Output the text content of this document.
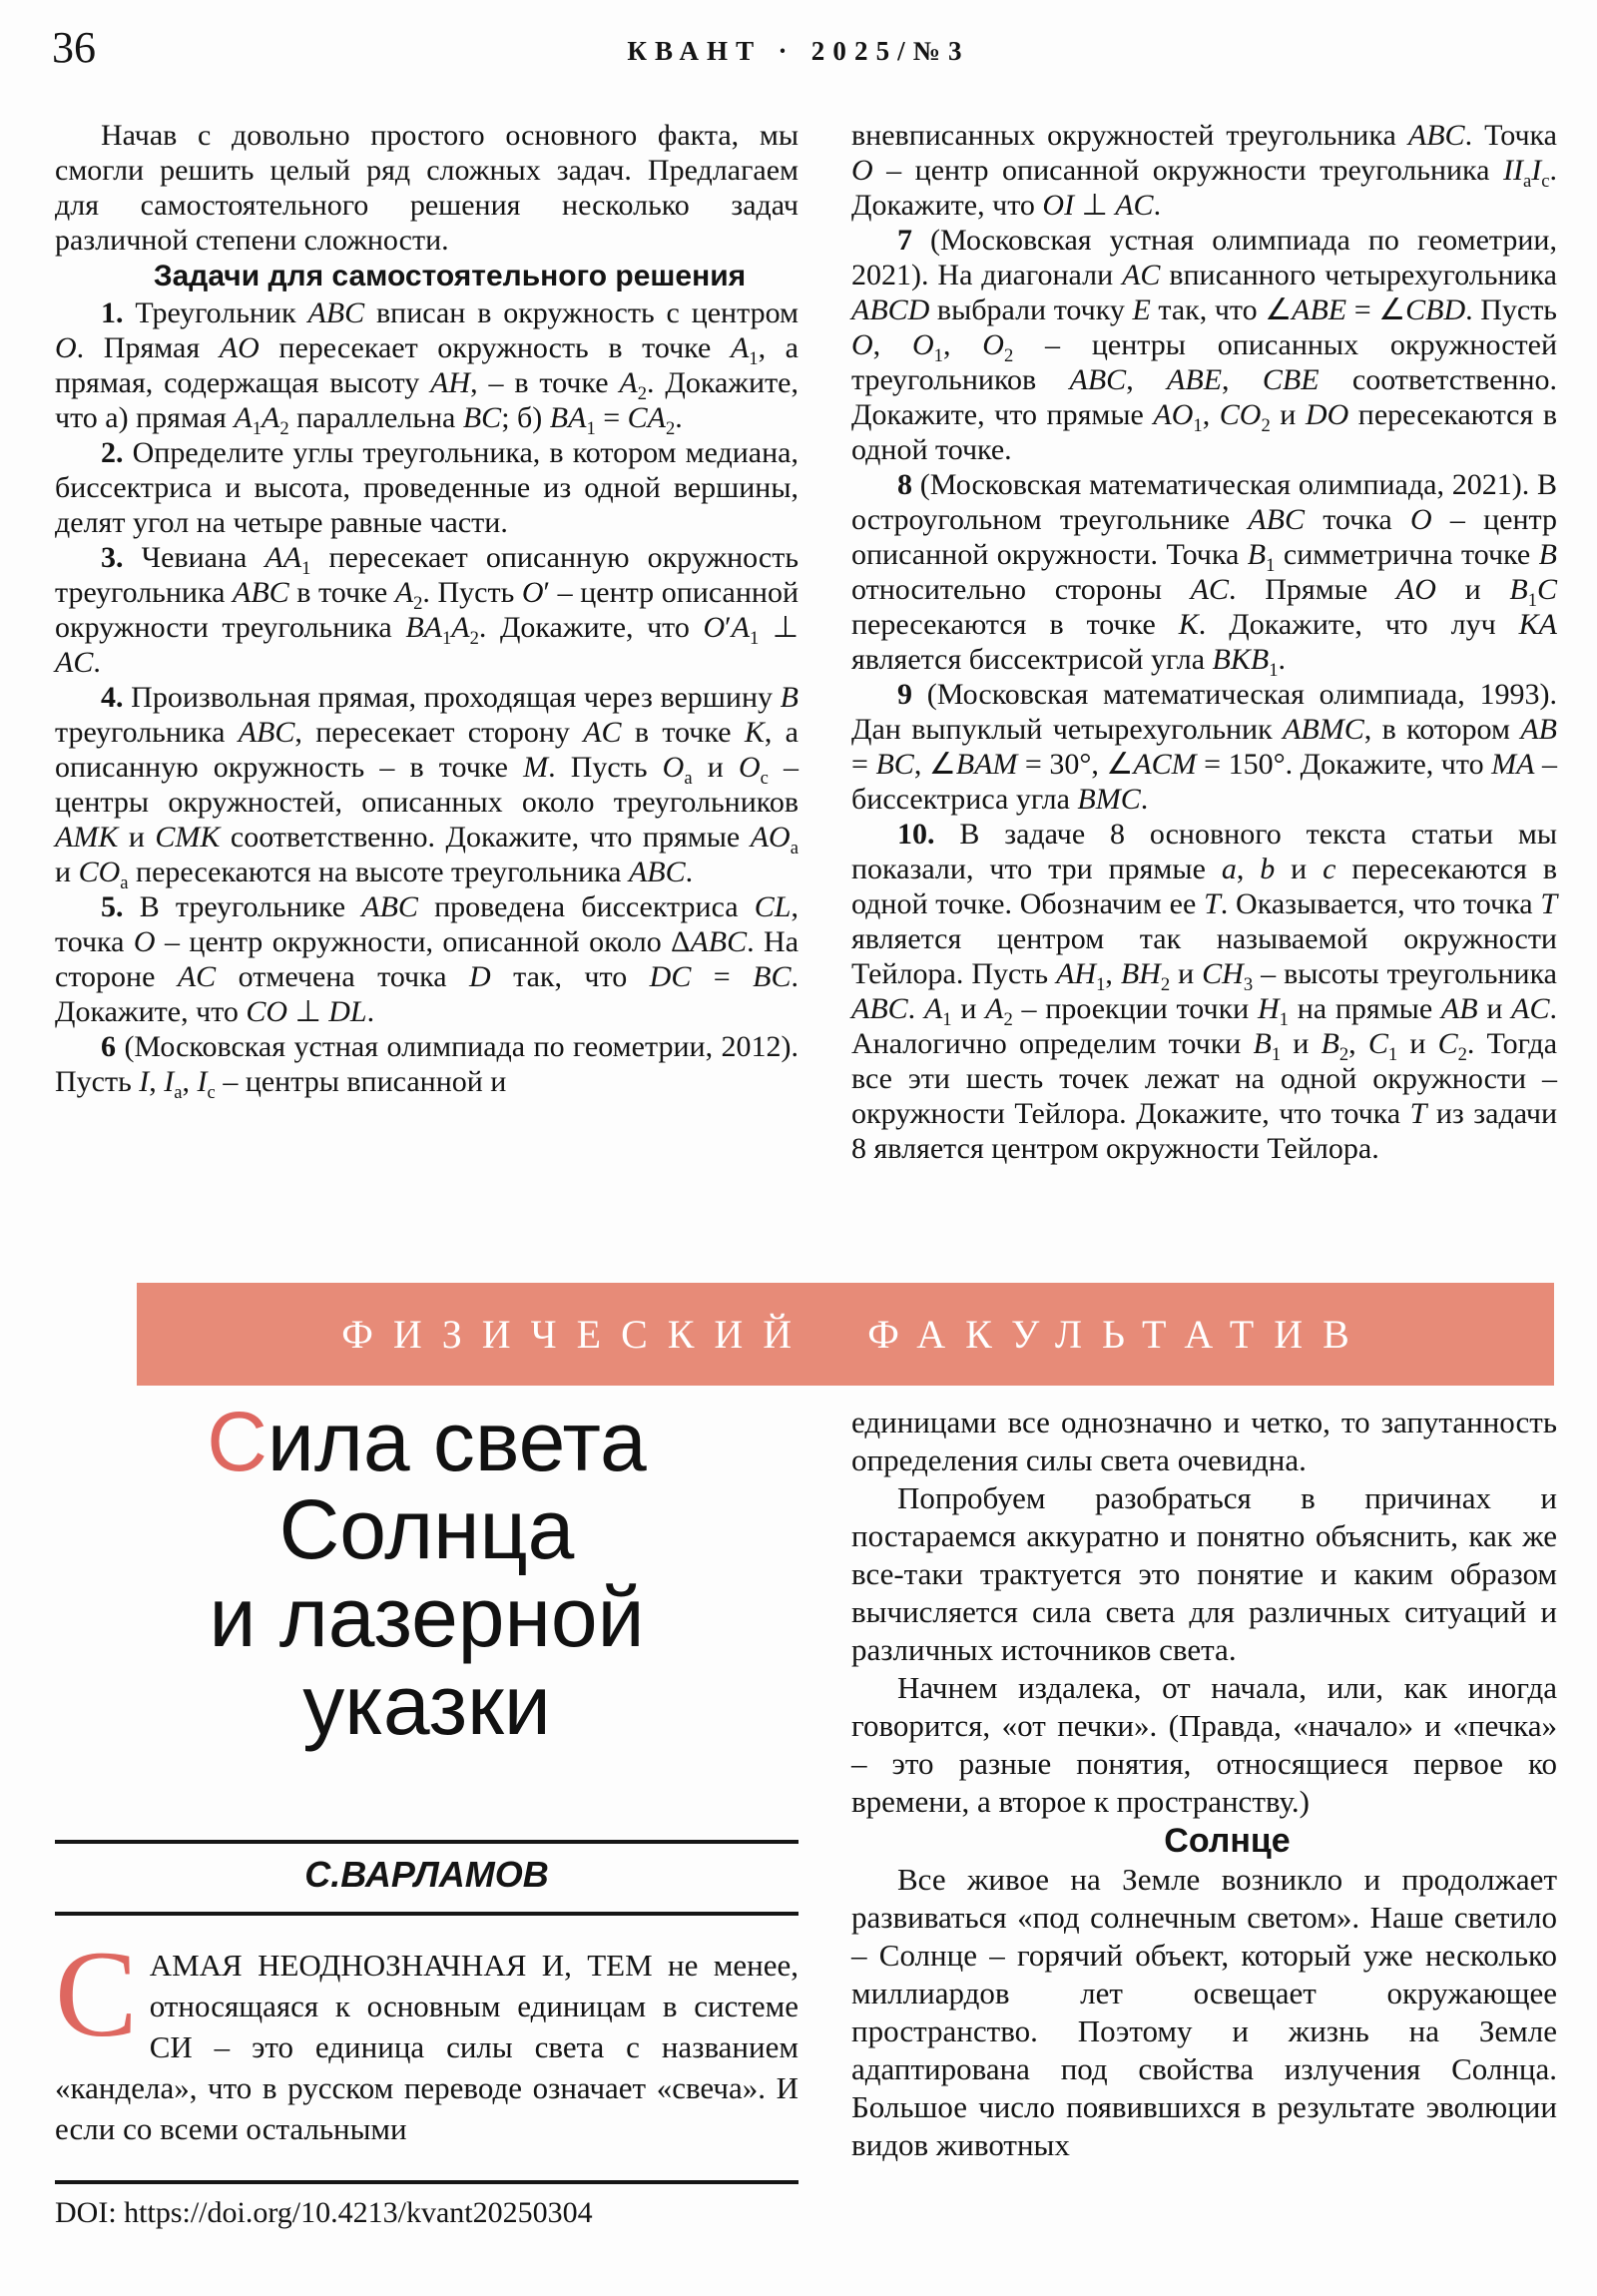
36	КВАНТ · 2025/№3

Начав с довольно простого основного факта, мы смогли решить целый ряд сложных задач. Предлагаем для самостоятельного решения несколько задач различной степени сложности.

Задачи для самостоятельного решения

1. Треугольник ABC вписан в окружность с центром O. Прямая AO пересекает окружность в точке $A_1$, а прямая, содержащая высоту AH, – в точке $A_2$. Докажите, что а) прямая $A_1A_2$ параллельна BC; б) $BA_1 = CA_2$.

2. Определите углы треугольника, в котором медиана, биссектриса и высота, проведенные из одной вершины, делят угол на четыре равные части.

3. Чевиана $AA_1$ пересекает описанную окружность треугольника ABC в точке $A_2$. Пусть O′ – центр описанной окружности треугольника $BA_1A_2$. Докажите, что $O'A_1$ ⊥ AC.

4. Произвольная прямая, проходящая через вершину B треугольника ABC, пересекает сторону AC в точке K, а описанную окружность – в точке M. Пусть $O_a$ и $O_c$ – центры окружностей, описанных около треугольников AMK и CMK соответственно. Докажите, что прямые $AO_a$ и $CO_a$ пересекаются на высоте треугольника ABC.

5. В треугольнике ABC проведена биссектриса CL, точка O – центр окружности, описанной около ΔABC. На стороне AC отмечена точка D так, что DC = BC. Докажите, что CO ⊥ DL.

6 (Московская устная олимпиада по геометрии, 2012). Пусть I, $I_a$, $I_c$ – центры вписанной и

вневписанных окружностей треугольника ABC. Точка O – центр описанной окружности треугольника $II_aI_c$. Докажите, что OI ⊥ AC.

7 (Московская устная олимпиада по геометрии, 2021). На диагонали AC вписанного четырехугольника ABCD выбрали точку E так, что ∠ABE = ∠CBD. Пусть O, $O_1$, $O_2$ – центры описанных окружностей треугольников ABC, ABE, CBE соответственно. Докажите, что прямые $AO_1$, $CO_2$ и DO пересекаются в одной точке.

8 (Московская математическая олимпиада, 2021). В остроугольном треугольнике ABC точка O – центр описанной окружности. Точка $B_1$ симметрична точке B относительно стороны AC. Прямые AO и $B_1C$ пересекаются в точке K. Докажите, что луч KA является биссектрисой угла $BKB_1$.

9 (Московская математическая олимпиада, 1993). Дан выпуклый четырехугольник ABMC, в котором AB = BC, ∠BAM = 30°, ∠ACM = 150°. Докажите, что MA – биссектриса угла BMC.

10. В задаче 8 основного текста статьи мы показали, что три прямые a, b и c пересекаются в одной точке. Обозначим ее T. Оказывается, что точка T является центром так называемой окружности Тейлора. Пусть $AH_1$, $BH_2$ и $CH_3$ – высоты треугольника ABC. $A_1$ и $A_2$ – проекции точки $H_1$ на прямые AB и AC. Аналогично определим точки $B_1$ и $B_2$, $C_1$ и $C_2$. Тогда все эти шесть точек лежат на одной окружности – окружности Тейлора. Докажите, что точка T из задачи 8 является центром окружности Тейлора.

ФИЗИЧЕСКИЙ ФАКУЛЬТАТИВ
Сила света
Солнца
и лазерной
указки
С.ВАРЛАМОВ
САМАЯ НЕОДНОЗНАЧНАЯ И, ТЕМ не менее, относящаяся к основным единицам в системе СИ – это единица силы света с названием «кандела», что в русском переводе означает «свеча». И если со всеми остальными
DOI: https://doi.org/10.4213/kvant20250304

единицами все однозначно и четко, то запутанность определения силы света очевидна.

Попробуем разобраться в причинах и постараемся аккуратно и понятно объяснить, как же все-таки трактуется это понятие и каким образом вычисляется сила света для различных ситуаций и различных источников света.

Начнем издалека, от начала, или, как иногда говорится, «от печки». (Правда, «начало» и «печка» – это разные понятия, относящиеся первое ко времени, а второе к пространству.)

Солнце

Все живое на Земле возникло и продолжает развиваться «под солнечным светом». Наше светило – Солнце – горячий объект, который уже несколько миллиардов лет освещает окружающее пространство. Поэтому и жизнь на Земле адаптирована под свойства излучения Солнца. Большое число появившихся в результате эволюции видов животных
